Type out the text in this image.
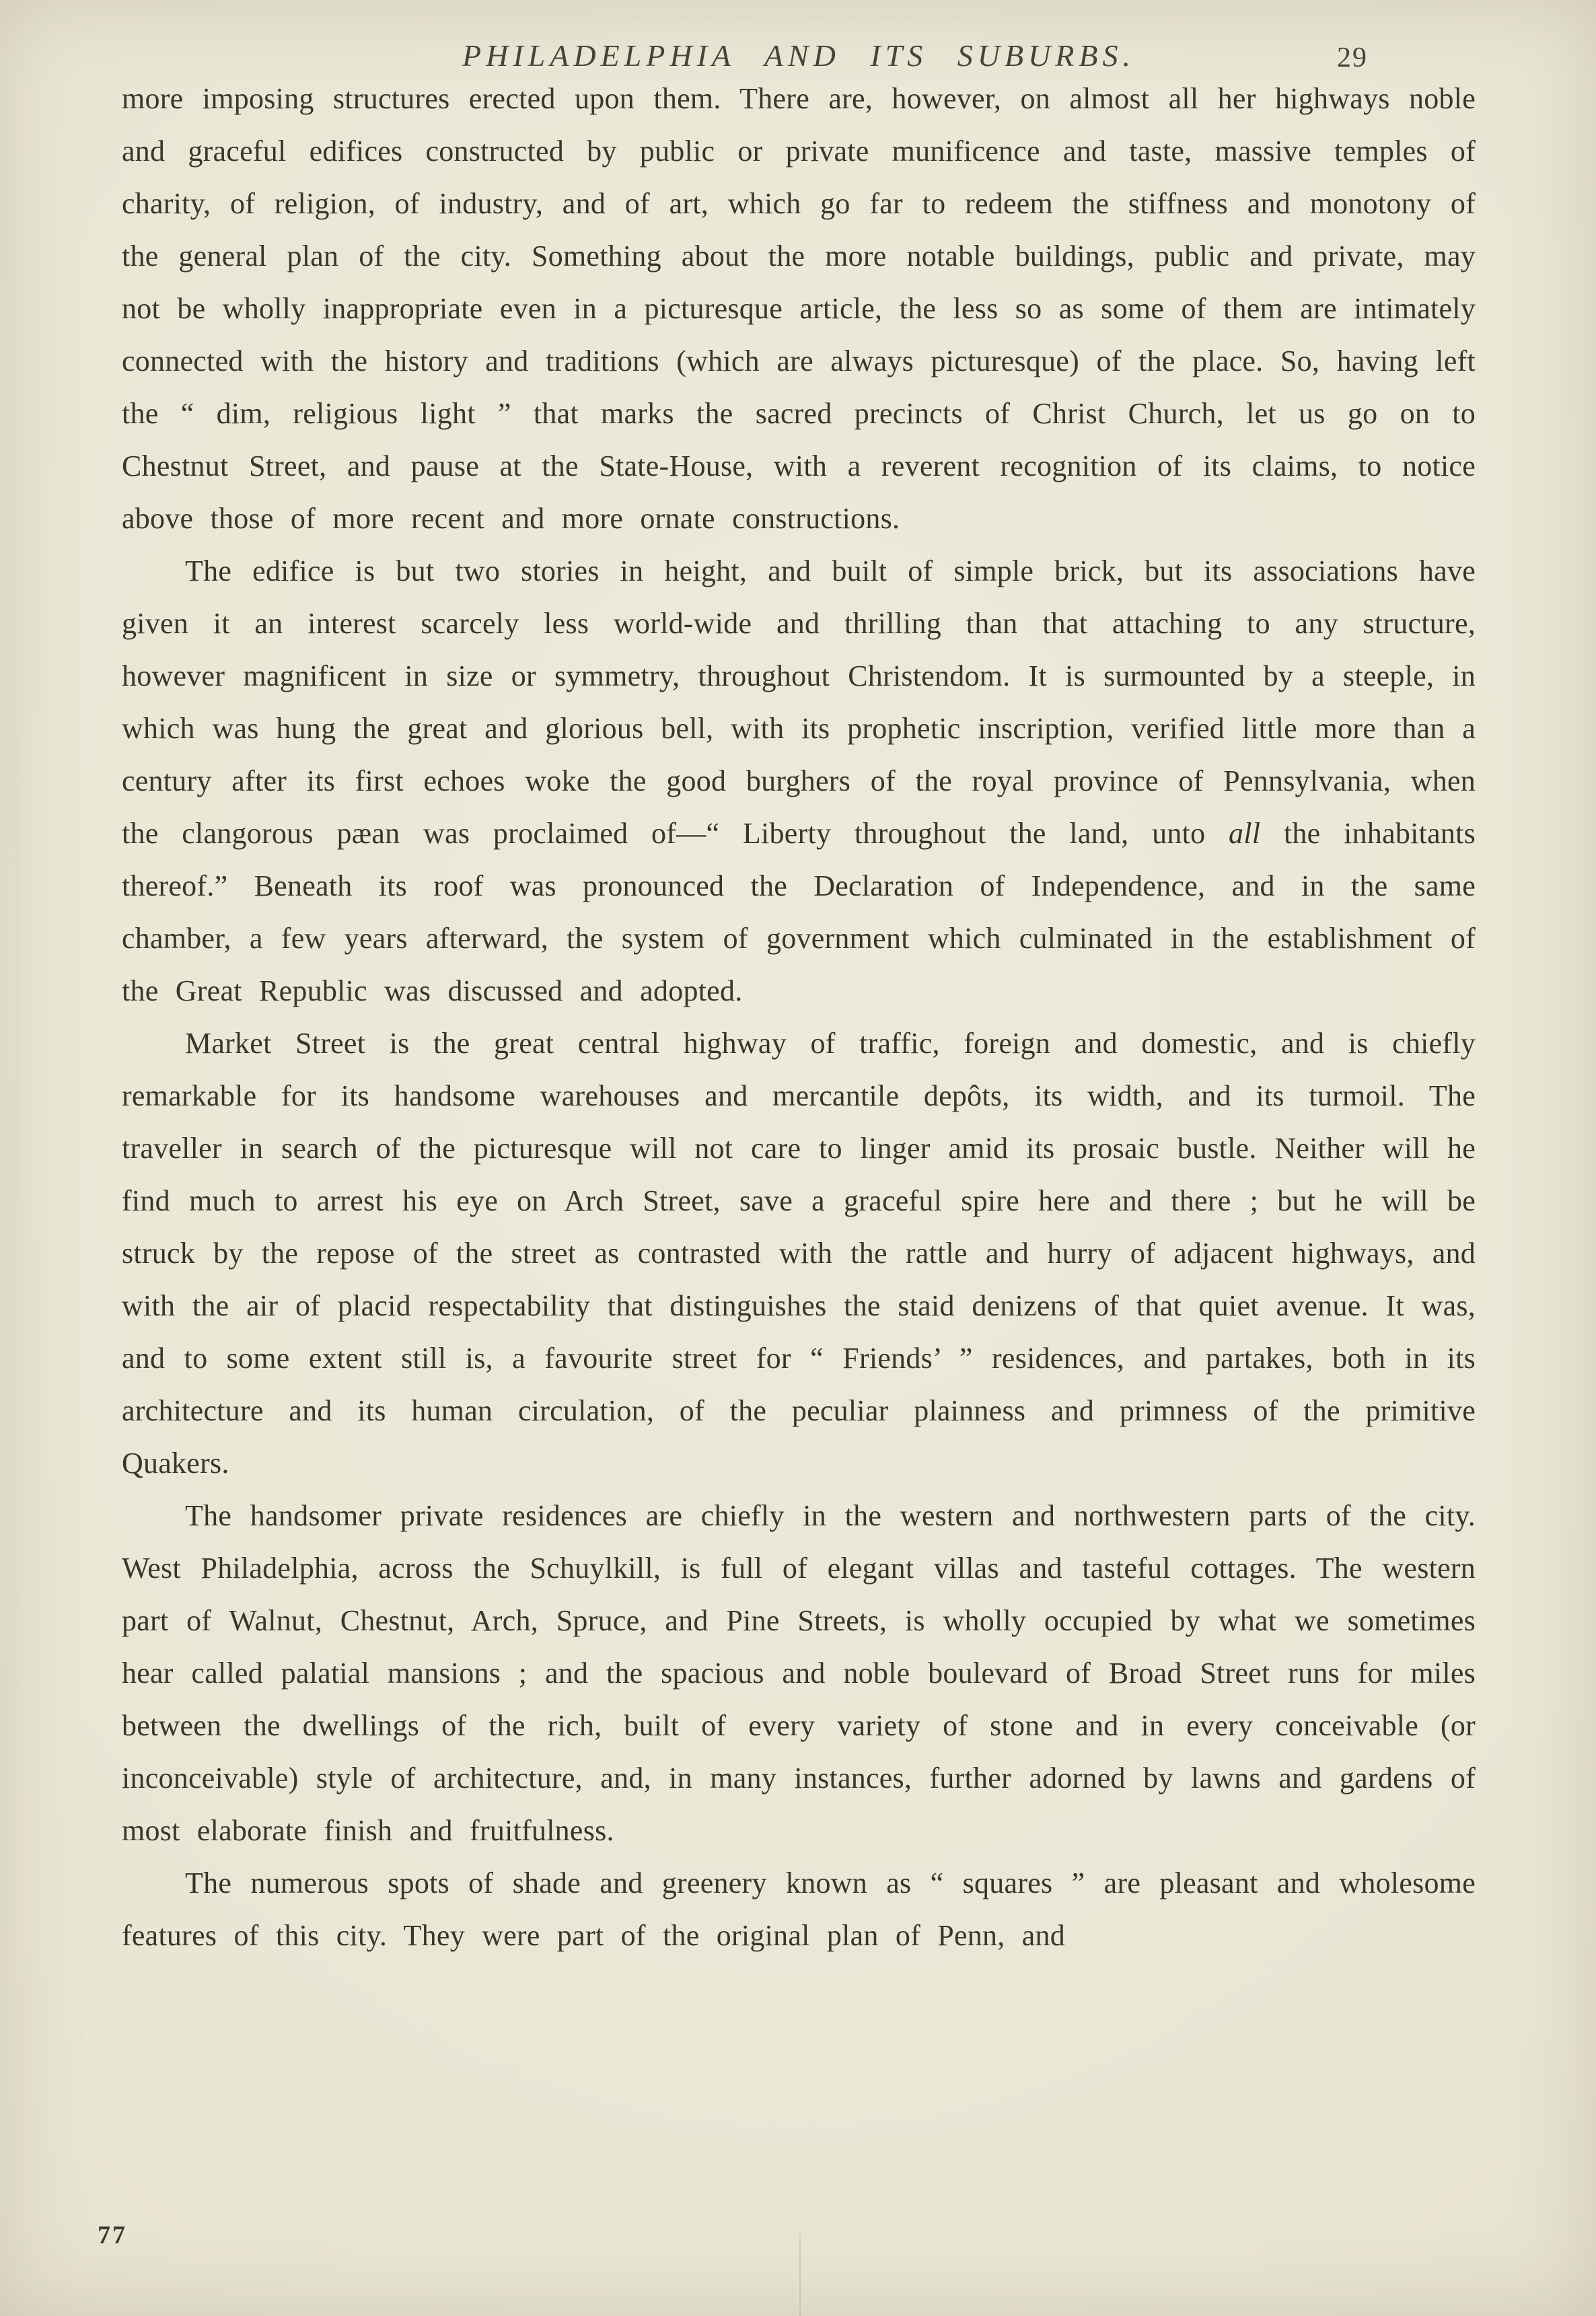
PHILADELPHIA AND ITS SUBURBS.	29

more imposing structures erected upon them. There are, however, on almost all her highways noble and graceful edifices constructed by public or private munificence and taste, massive temples of charity, of religion, of industry, and of art, which go far to redeem the stiffness and monotony of the general plan of the city. Something about the more notable buildings, public and private, may not be wholly inappropriate even in a picturesque article, the less so as some of them are intimately connected with the history and traditions (which are always picturesque) of the place. So, having left the “ dim, religious light ” that marks the sacred precincts of Christ Church, let us go on to Chestnut Street, and pause at the State-House, with a reverent recognition of its claims, to notice above those of more recent and more ornate constructions.

The edifice is but two stories in height, and built of simple brick, but its associations have given it an interest scarcely less world-wide and thrilling than that attaching to any structure, however magnificent in size or symmetry, throughout Christendom. It is surmounted by a steeple, in which was hung the great and glorious bell, with its prophetic inscription, verified little more than a century after its first echoes woke the good burghers of the royal province of Pennsylvania, when the clangorous pæan was proclaimed of—“ Liberty throughout the land, unto all the inhabitants thereof.” Beneath its roof was pronounced the Declaration of Independence, and in the same chamber, a few years afterward, the system of government which culminated in the establishment of the Great Republic was discussed and adopted.

Market Street is the great central highway of traffic, foreign and domestic, and is chiefly remarkable for its handsome warehouses and mercantile depôts, its width, and its turmoil. The traveller in search of the picturesque will not care to linger amid its prosaic bustle. Neither will he find much to arrest his eye on Arch Street, save a graceful spire here and there ; but he will be struck by the repose of the street as contrasted with the rattle and hurry of adjacent highways, and with the air of placid respectability that distinguishes the staid denizens of that quiet avenue. It was, and to some extent still is, a favourite street for “ Friends’ ” residences, and partakes, both in its architecture and its human circulation, of the peculiar plainness and primness of the primitive Quakers.

The handsomer private residences are chiefly in the western and northwestern parts of the city. West Philadelphia, across the Schuylkill, is full of elegant villas and tasteful cottages. The western part of Walnut, Chestnut, Arch, Spruce, and Pine Streets, is wholly occupied by what we sometimes hear called palatial mansions ; and the spacious and noble boulevard of Broad Street runs for miles between the dwellings of the rich, built of every variety of stone and in every conceivable (or inconceivable) style of architecture, and, in many instances, further adorned by lawns and gardens of most elaborate finish and fruitfulness.

The numerous spots of shade and greenery known as “ squares ” are pleasant and wholesome features of this city. They were part of the original plan of Penn, and

77
